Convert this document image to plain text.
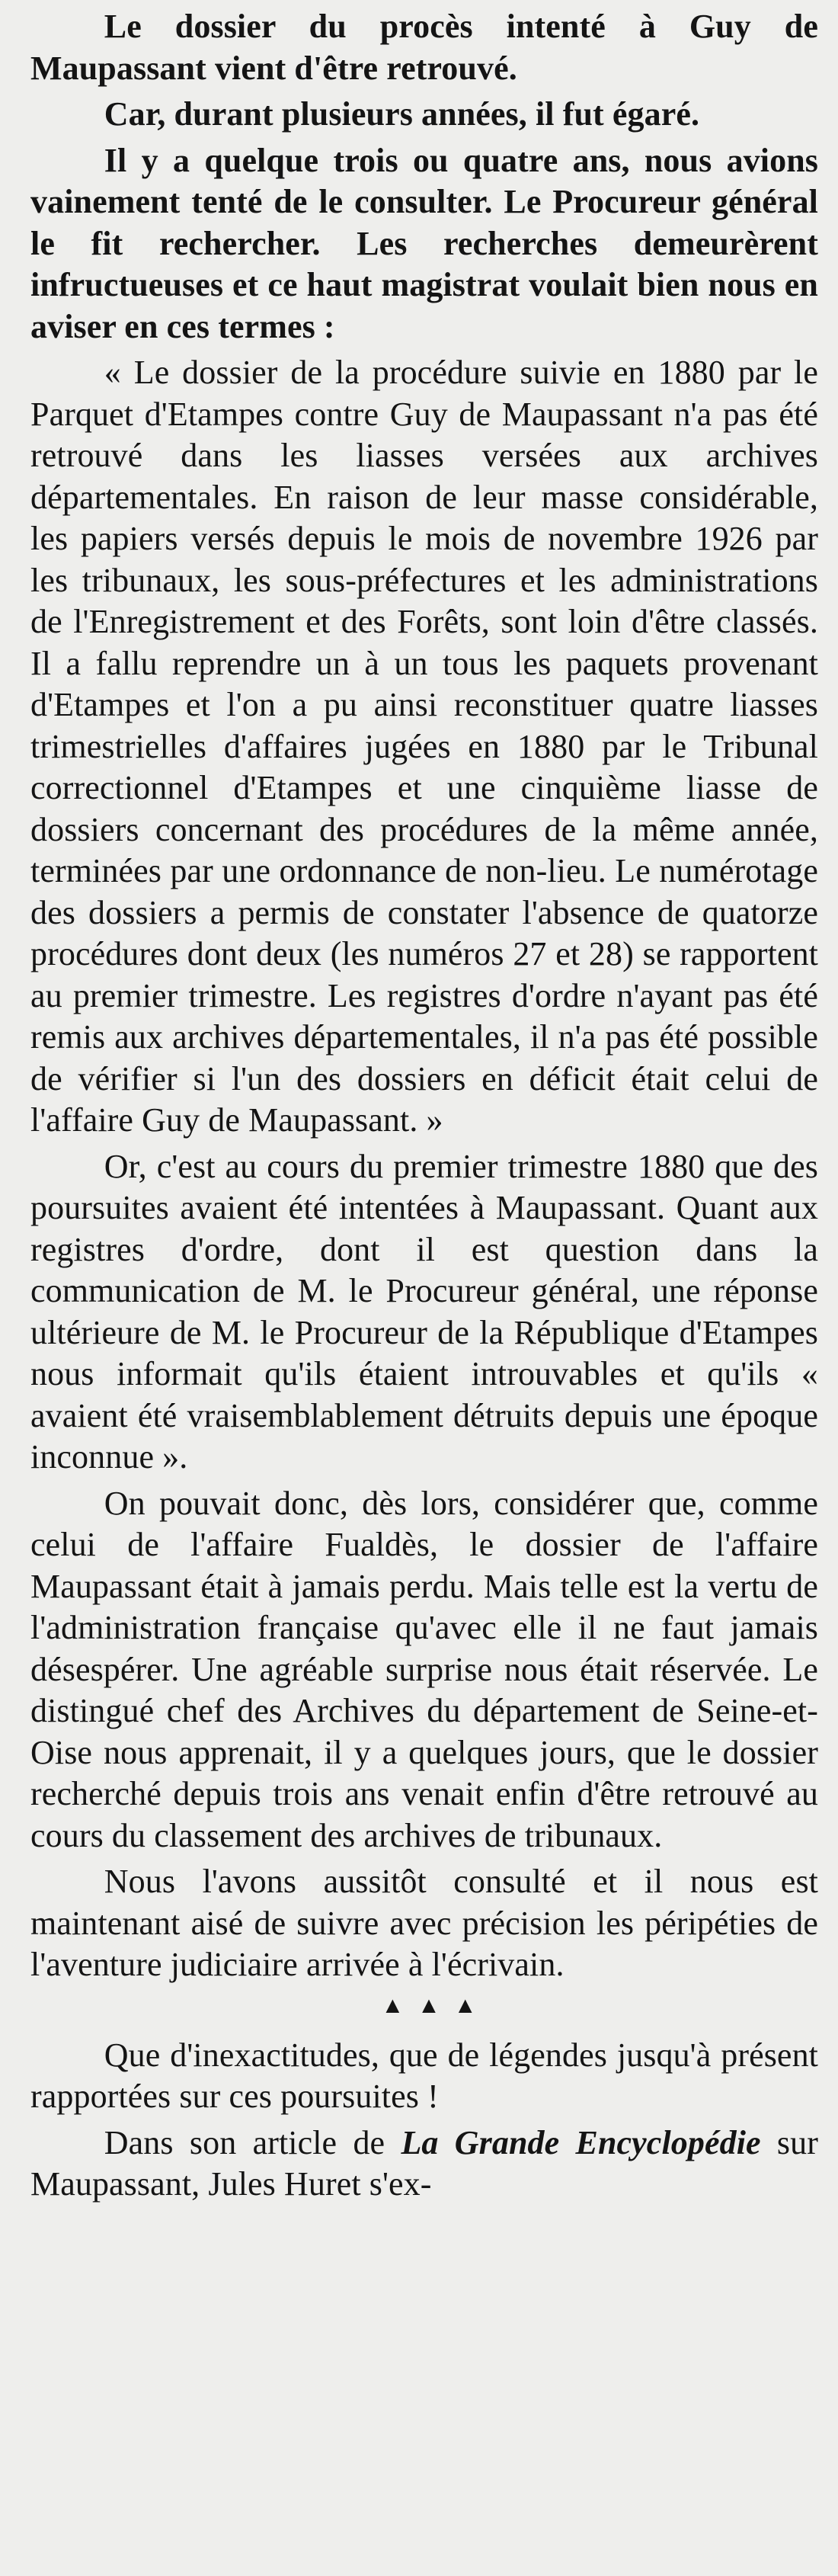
Le dossier du procès intenté à Guy de Maupassant vient d'être retrouvé.

Car, durant plusieurs années, il fut égaré.

Il y a quelque trois ou quatre ans, nous avions vainement tenté de le consulter. Le Procureur général le fit rechercher. Les recherches demeurèrent infructueuses et ce haut magistrat voulait bien nous en aviser en ces termes :

« Le dossier de la procédure suivie en 1880 par le Parquet d'Etampes contre Guy de Maupassant n'a pas été retrouvé dans les liasses versées aux archives départementales. En raison de leur masse considérable, les papiers versés depuis le mois de novembre 1926 par les tribunaux, les sous-préfectures et les administrations de l'Enregistrement et des Forêts, sont loin d'être classés. Il a fallu reprendre un à un tous les paquets provenant d'Etampes et l'on a pu ainsi reconstituer quatre liasses trimestrielles d'affaires jugées en 1880 par le Tribunal correctionnel d'Etampes et une cinquième liasse de dossiers concernant des procédures de la même année, terminées par une ordonnance de non-lieu. Le numérotage des dossiers a permis de constater l'absence de quatorze procédures dont deux (les numéros 27 et 28) se rapportent au premier trimestre. Les registres d'ordre n'ayant pas été remis aux archives départementales, il n'a pas été possible de vérifier si l'un des dossiers en déficit était celui de l'affaire Guy de Maupassant. »

Or, c'est au cours du premier trimestre 1880 que des poursuites avaient été intentées à Maupassant. Quant aux registres d'ordre, dont il est question dans la communication de M. le Procureur général, une réponse ultérieure de M. le Procureur de la République d'Etampes nous informait qu'ils étaient introuvables et qu'ils « avaient été vraisemblablement détruits depuis une époque inconnue ».

On pouvait donc, dès lors, considérer que, comme celui de l'affaire Fualdès, le dossier de l'affaire Maupassant était à jamais perdu. Mais telle est la vertu de l'administration française qu'avec elle il ne faut jamais désespérer. Une agréable surprise nous était réservée. Le distingué chef des Archives du département de Seine-et-Oise nous apprenait, il y a quelques jours, que le dossier recherché depuis trois ans venait enfin d'être retrouvé au cours du classement des archives de tribunaux.

Nous l'avons aussitôt consulté et il nous est maintenant aisé de suivre avec précision les péripéties de l'aventure judiciaire arrivée à l'écrivain.

▲▲▲

Que d'inexactitudes, que de légendes jusqu'à présent rapportées sur ces poursuites !

Dans son article de La Grande Encyclopédie sur Maupassant, Jules Huret s'ex-
